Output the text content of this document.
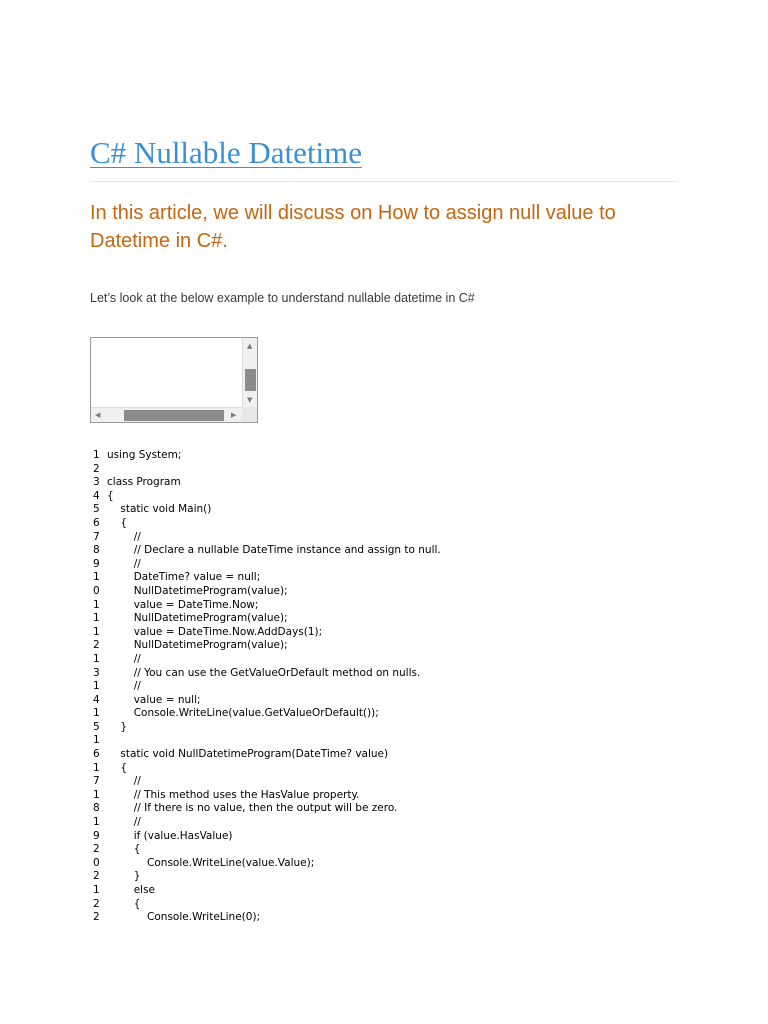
C# Nullable Datetime

In this article, we will discuss on How to assign null value to Datetime in C#.

Let’s look at the below example to understand nullable datetime in C#

▲
▼
◀	▶
1 using System;
2
3 class Program
4 {
5 static void Main()
6 {
7 //
8 // Declare a nullable DateTime instance and assign to null.
9 //
1 DateTime? value = null;
0 NullDatetimeProgram(value);
1 value = DateTime.Now;
1 NullDatetimeProgram(value);
1 value = DateTime.Now.AddDays(1);
2 NullDatetimeProgram(value);
1 //
3 // You can use the GetValueOrDefault method on nulls.
1 //
4 value = null;
1 Console.WriteLine(value.GetValueOrDefault());
5 }
1
6 static void NullDatetimeProgram(DateTime? value)
1 {
7 //
1 // This method uses the HasValue property.
8 // If there is no value, then the output will be zero.
1 //
9 if (value.HasValue)
2 {
0 Console.WriteLine(value.Value);
2 }
1 else
2 {
2 Console.WriteLine(0);
